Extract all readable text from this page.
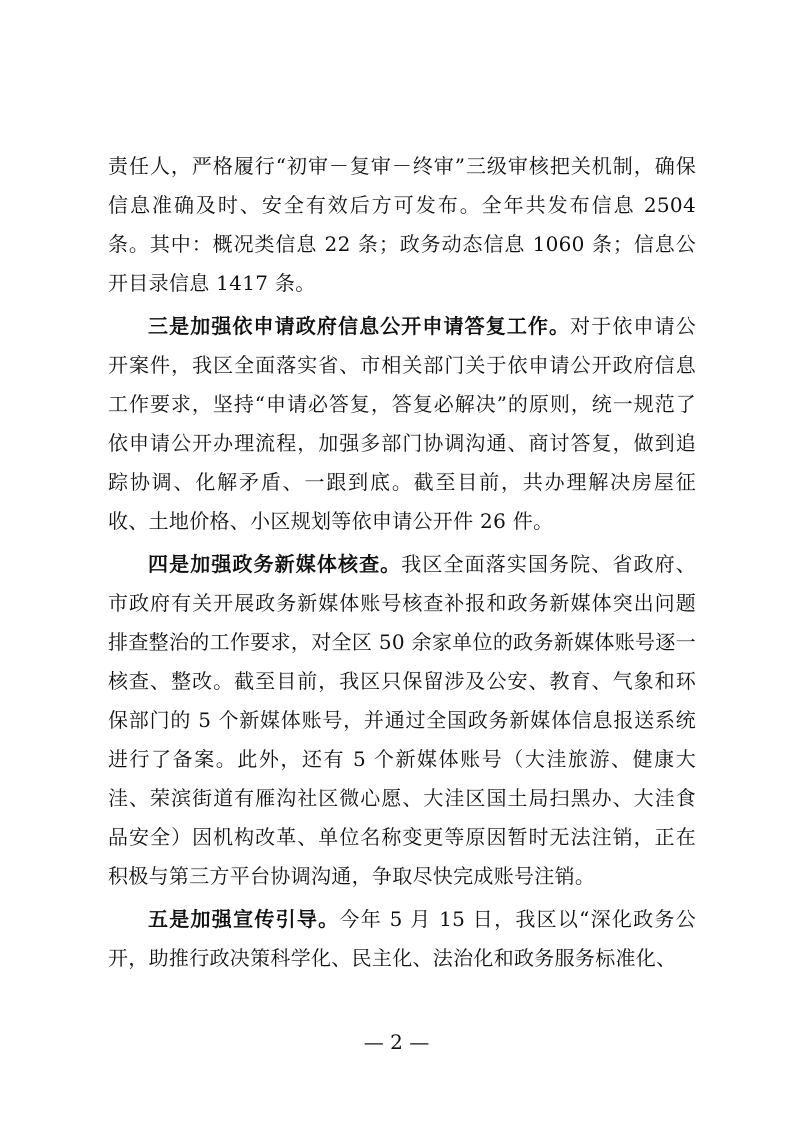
责任人，严格履行“初审－复审－终审”三级审核把关机制，确保信息准确及时、安全有效后方可发布。全年共发布信息 2504 条。其中：概况类信息 22 条；政务动态信息 1060 条；信息公开目录信息 1417 条。

三是加强依申请政府信息公开申请答复工作。对于依申请公开案件，我区全面落实省、市相关部门关于依申请公开政府信息工作要求，坚持“申请必答复，答复必解决”的原则，统一规范了依申请公开办理流程，加强多部门协调沟通、商讨答复，做到追踪协调、化解矛盾、一跟到底。截至目前，共办理解决房屋征收、土地价格、小区规划等依申请公开件 26 件。

四是加强政务新媒体核查。我区全面落实国务院、省政府、市政府有关开展政务新媒体账号核查补报和政务新媒体突出问题排查整治的工作要求，对全区 50 余家单位的政务新媒体账号逐一核查、整改。截至目前，我区只保留涉及公安、教育、气象和环保部门的 5 个新媒体账号，并通过全国政务新媒体信息报送系统进行了备案。此外，还有 5 个新媒体账号（大洼旅游、健康大洼、荣滨街道有雁沟社区微心愿、大洼区国土局扫黑办、大洼食品安全）因机构改革、单位名称变更等原因暂时无法注销，正在积极与第三方平台协调沟通，争取尽快完成账号注销。

五是加强宣传引导。今年 5 月 15 日，我区以“深化政务公开，助推行政决策科学化、民主化、法治化和政务服务标准化、

— 2 —
